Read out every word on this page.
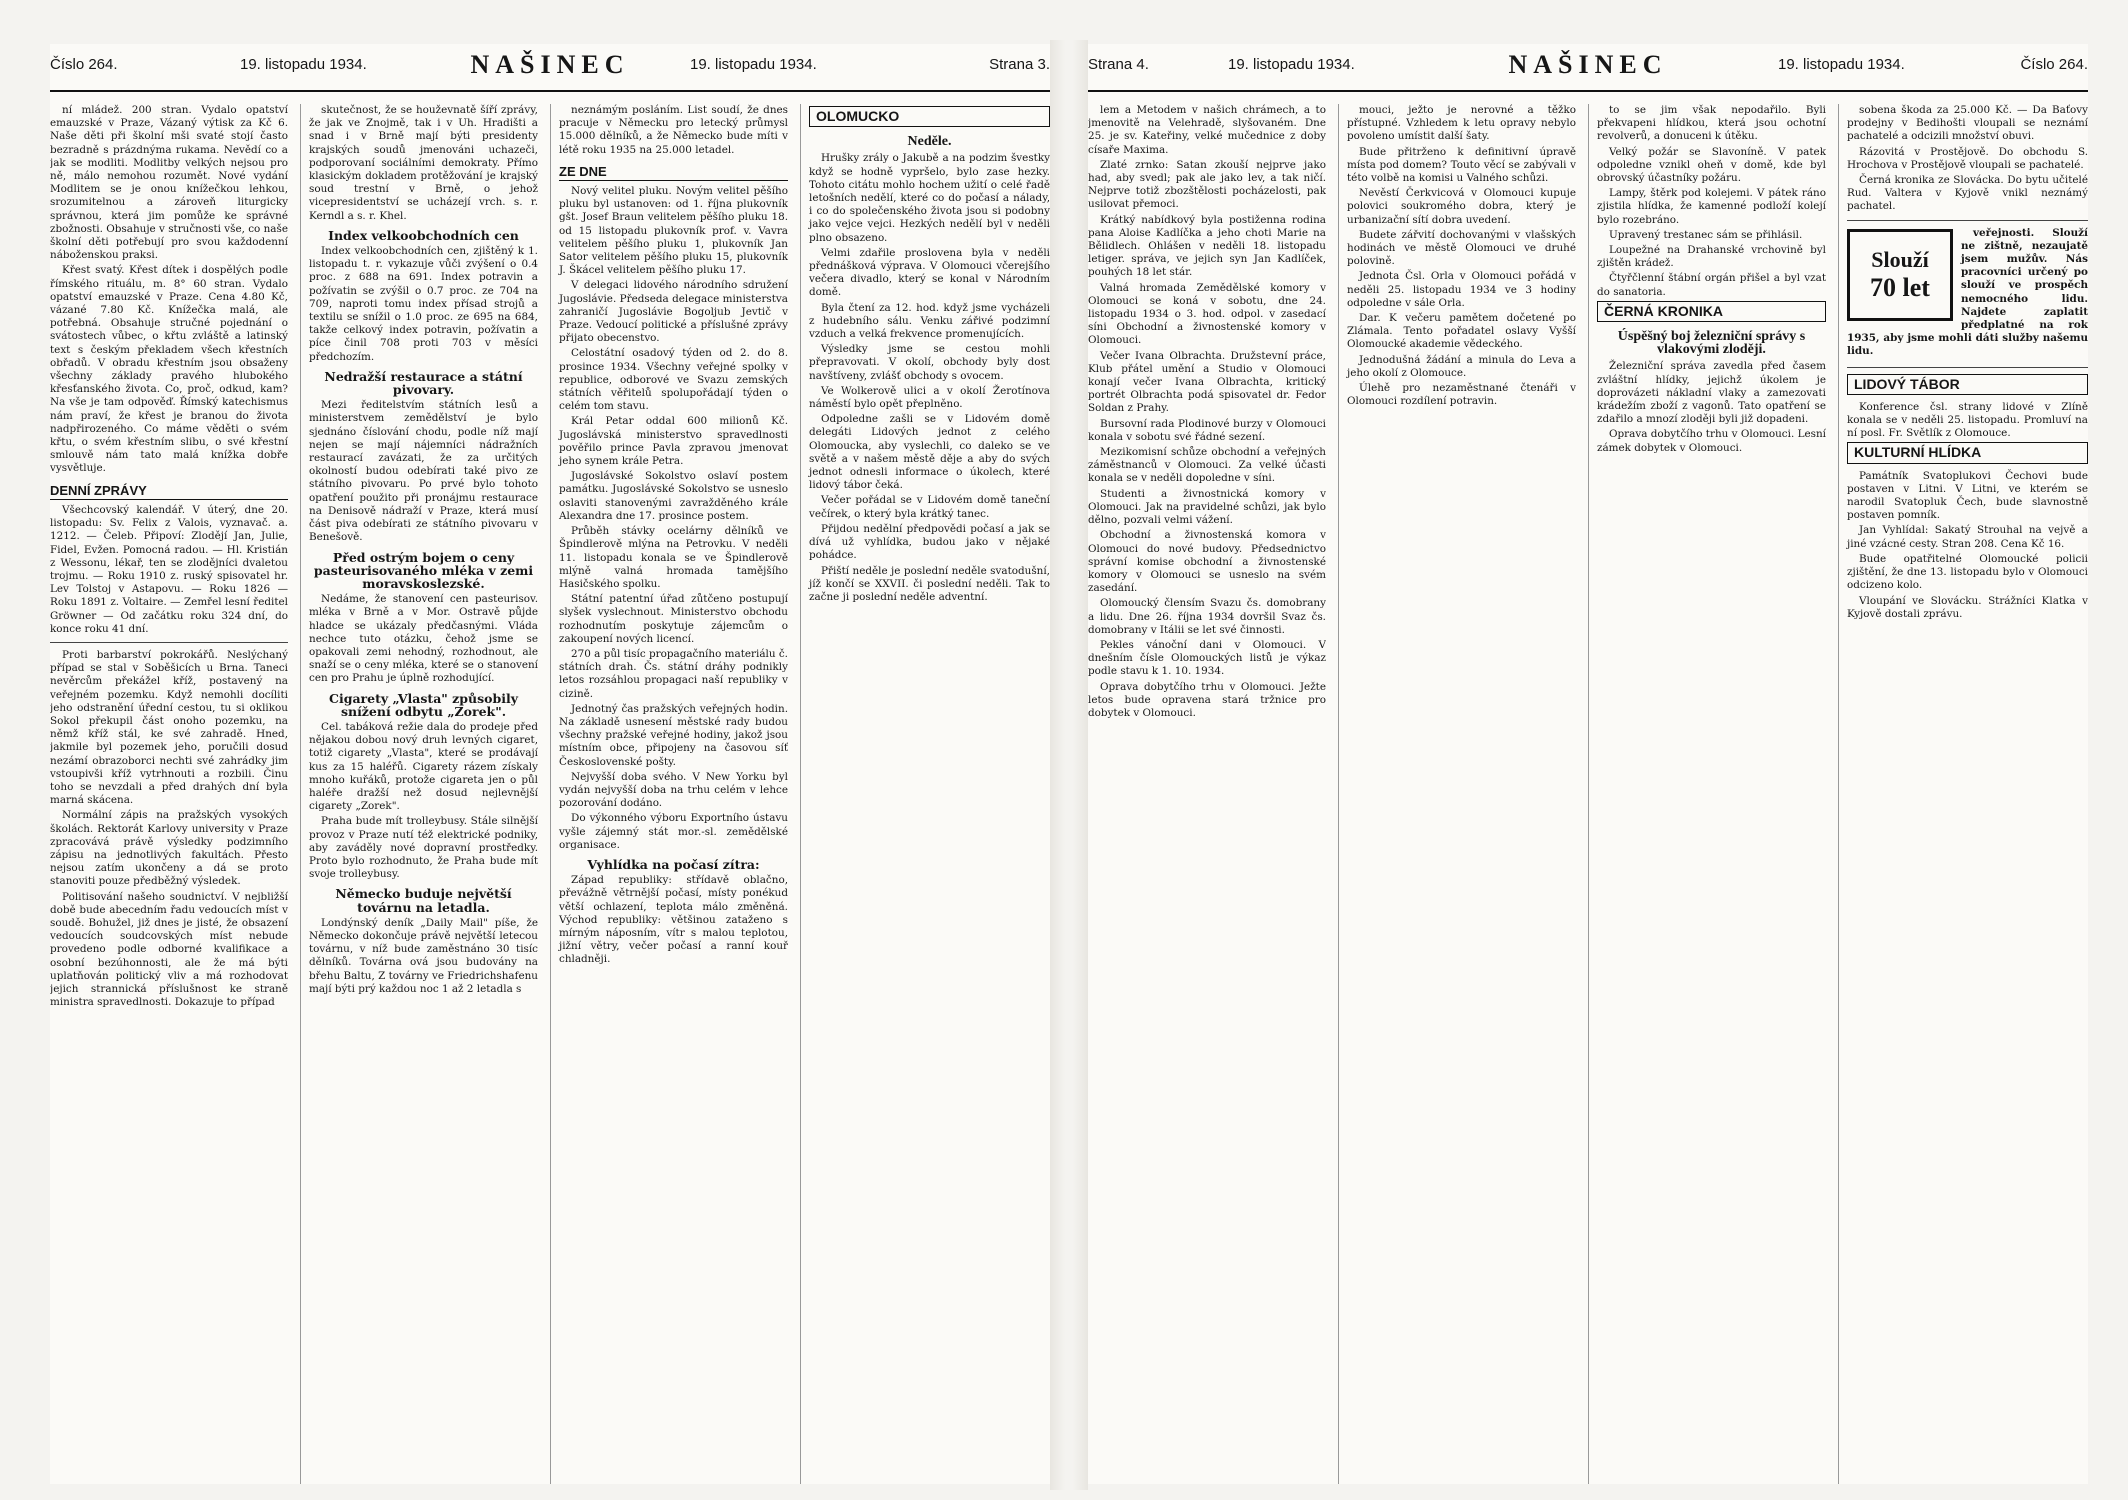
Číslo 264.	19. listopadu 1934.	NAŠINEC	19. listopadu 1934.	Strana 3.

ní mládež. 200 stran. Vydalo opatství emauzské v Praze, Vázaný výtisk za Kč 6. Naše děti při školní mši svaté stojí často bezradně s prázdnýma rukama. Nevědí co a jak se modliti. Modlitby velkých nejsou pro ně, málo nemohou rozumět. Nové vydání Modlitem se je onou knížečkou lehkou, srozumitelnou a zároveň liturgicky správnou, která jim pomůže ke správné zbožnosti. Obsahuje v stručnosti vše, co naše školní děti potřebují pro svou každodenní náboženskou praksi.

Křest svatý. Křest dítek i dospělých podle římského rituálu, m. 8° 60 stran. Vydalo opatství emauzské v Praze. Cena 4.80 Kč, vázané 7.80 Kč. Knížečka malá, ale potřebná. Obsahuje stručné pojednání o svátostech vůbec, o křtu zvláště a latinský text s českým překladem všech křestních obřadů. V obradu křestním jsou obsaženy všechny základy pravého hlubokého křesťanského života. Co, proč, odkud, kam? Na vše je tam odpověď. Římský katechismus nám praví, že křest je branou do života nadpřirozeného. Co máme věděti o svém křtu, o svém křestním slibu, o své křestní smlouvě nám tato malá knížka dobře vysvětluje.

DENNÍ ZPRÁVY

Všechcovský kalendář. V úterý, dne 20. listopadu: Sv. Felix z Valois, vyznavač. a. 1212. — Čeleb. Připoví: Zlodějí Jan, Julie, Fidel, Evžen. Pomocná radou. — Hl. Kristián z Wessonu, lékař, ten se zlodějníci dvaletou trojmu. — Roku 1910 z. ruský spisovatel hr. Lev Tolstoj v Astapovu. — Roku 1826 — Roku 1891 z. Voltaire. — Zemřel lesní ředitel Gröwner — Od začátku roku 324 dní, do konce roku 41 dní.

Proti barbarství pokrokářů. Neslýchaný případ se stal v Soběšicích u Brna. Taneci nevěrcům překážel kříž, postavený na veřejném pozemku. Když nemohli docíliti jeho odstranění úřední cestou, tu si oklikou Sokol překupil část onoho pozemku, na němž kříž stál, ke své zahradě. Hned, jakmile byl pozemek jeho, poručili dosud nezámí obrazoborci nechti své zahrádky jim vstoupivši kříž vytrhnouti a rozbili. Činu toho se nevzdali a před drahých dní byla marná skácena.

Normální zápis na pražských vysokých školách. Rektorát Karlovy university v Praze zpracovává právě výsledky podzimního zápisu na jednotlivých fakultách. Přesto nejsou zatím ukončeny a dá se proto stanoviti pouze předběžný výsledek.

Politisování našeho soudnictví. V nejbližší době bude abecedním řadu vedoucích míst v soudě. Bohužel, již dnes je jisté, že obsazení vedoucích soudcovských míst nebude provedeno podle odborné kvalifikace a osobní bezúhonnosti, ale že má býti uplatňován politický vliv a má rozhodovat jejich strannická příslušnost ke straně ministra spravedlnosti. Dokazuje to případ

skutečnost, že se houževnatě šíří zprávy, že jak ve Znojmě, tak i v Uh. Hradišti a snad i v Brně mají býti presidenty krajských soudů jmenováni uchazeči, podporovaní sociálními demokraty. Přímo klasickým dokladem protěžování je krajský soud trestní v Brně, o jehož vicepresidentství se ucházejí vrch. s. r. Kerndl a s. r. Khel.

Index velkoobchodních cen

Index velkoobchodních cen, zjištěný k 1. listopadu t. r. vykazuje vůči zvýšení o 0.4 proc. z 688 na 691. Index potravin a požívatin se zvýšil o 0.7 proc. ze 704 na 709, naproti tomu index přísad strojů a textilu se snížil o 1.0 proc. ze 695 na 684, takže celkový index potravin, požívatin a píce činil 708 proti 703 v měsíci předchozím.

Nedražší restaurace a státní pivovary.

Mezi ředitelstvím státních lesů a ministerstvem zemědělství je bylo sjednáno číslování chodu, podle níž mají nejen se mají nájemníci nádražních restaurací zavázati, že za určitých okolností budou odebírati také pivo ze státního pivovaru. Po prvé bylo tohoto opatření použito při pronájmu restaurace na Denisově nádraží v Praze, která musí část piva odebírati ze státního pivovaru v Benešově.

Před ostrým bojem o ceny pasteurisovaného mléka v zemi moravskoslezské.

Nedáme, že stanovení cen pasteurisov. mléka v Brně a v Mor. Ostravě půjde hladce se ukázaly předčasnými. Vláda nechce tuto otázku, čehož jsme se opakovali zemi nehodný, rozhodnout, ale snaží se o ceny mléka, které se o stanovení cen pro Prahu je úplně rozhodující.

Cigarety „Vlasta" způsobily snížení odbytu „Zorek".

Cel. tabáková režie dala do prodeje před nějakou dobou nový druh levných cigaret, totiž cigarety „Vlasta", které se prodávají kus za 15 haléřů. Cigarety rázem získaly mnoho kuřáků, protože cigareta jen o půl haléře dražší než dosud nejlevnější cigarety „Zorek".

Praha bude mít trolleybusy. Stále silnější provoz v Praze nutí též elektrické podniky, aby zaváděly nové dopravní prostředky. Proto bylo rozhodnuto, že Praha bude mít svoje trolleybusy.

Německo buduje největší továrnu na letadla.

Londýnský deník „Daily Mail" píše, že Německo dokončuje právě největší letecou továrnu, v níž bude zaměstnáno 30 tisíc dělníků. Továrna ová jsou budovány na břehu Baltu, Z továrny ve Friedrichshafenu mají býti prý každou noc 1 až 2 letadla s

neznámým posláním. List soudí, že dnes pracuje v Německu pro letecký průmysl 15.000 dělníků, a že Německo bude míti v létě roku 1935 na 25.000 letadel.

ZE DNE

Nový velitel pluku. Novým velitel pěšího pluku byl ustanoven: od 1. října plukovník gšt. Josef Braun velitelem pěšího pluku 18. od 15 listopadu plukovník prof. v. Vavra velitelem pěšího pluku 1, plukovník Jan Sator velitelem pěšího pluku 15, plukovník J. Škácel velitelem pěšího pluku 17.

V delegaci lidového národního sdružení Jugoslávie. Předseda delegace ministerstva zahraničí Jugoslávie Bogoljub Jevtič v Praze. Vedoucí politické a příslušné zprávy přijato obecenstvo.

Celostátní osadový týden od 2. do 8. prosince 1934. Všechny veřejné spolky v republice, odborové ve Svazu zemských státních věřitelů spolupořádají týden o celém tom stavu.

Král Petar oddal 600 milionů Kč. Jugoslávská ministerstvo spravedlnosti pověřilo prince Pavla zpravou jmenovat jeho synem krále Petra.

Jugoslávské Sokolstvo oslaví postem památku. Jugoslávské Sokolstvo se usneslo oslaviti stanovenými zavražděného krále Alexandra dne 17. prosince postem.

Průběh stávky ocelárny dělníků ve Špindlerově mlýna na Petrovku. V neděli 11. listopadu konala se ve Špindlerově mlýně valná hromada tamějšího Hasičského spolku.

Státní patentní úřad zůtčeno postupují slyšek vyslechnout. Ministerstvo obchodu rozhodnutím poskytuje zájemcům o zakoupení nových licencí.

270 a půl tisíc propagačního materiálu č. státních drah. Čs. státní dráhy podnikly letos rozsáhlou propagaci naší republiky v cizině.

Jednotný čas pražských veřejných hodin. Na základě usnesení městské rady budou všechny pražské veřejné hodiny, jakož jsou místním obce, připojeny na časovou síť Československé pošty.

Nejvyšší doba svého. V New Yorku byl vydán nejvyšší doba na trhu celém v lehce pozorování dodáno.

Do výkonného výboru Exportního ústavu vyšle zájemný stát mor.-sl. zemědělské organisace.

Vyhlídka na počasí zítra:

Západ republiky: střídavě oblačno, převážně větrnější počasí, místy ponékud větší ochlazení, teplota málo změněná. Východ republiky: většinou zataženo s mírným náposním, vítr s malou teplotou, jižní větry, večer počasí a ranní kouř chladněji.

OLOMUCKO
Neděle.

Hrušky zrály o Jakubě a na podzim švestky když se hodně vypršelo, bylo zase hezky. Tohoto citátu mohlo hochem užití o celé řadě letošních nedělí, které co do počasí a nálady, i co do společenského života jsou si podobny jako vejce vejci. Hezkých nedělí byl v neděli plno obsazeno.

Velmi zdařile proslovena byla v neděli přednášková výprava. V Olomouci včerejšího večera divadlo, který se konal v Národním domě.

Byla čtení za 12. hod. když jsme vycházeli z hudebního sálu. Venku zářivé podzimní vzduch a velká frekvence promenujících.

Výsledky jsme se cestou mohli přepravovati. V okolí, obchody byly dost navštíveny, zvlášť obchody s ovocem.

Ve Wolkerově ulici a v okolí Žerotínova náměstí bylo opět přeplněno.

Odpoledne zašli se v Lidovém domě delegáti Lidových jednot z celého Olomoucka, aby vyslechli, co daleko se ve světě a v našem městě děje a aby do svých jednot odnesli informace o úkolech, které lidový tábor čeká.

Večer pořádal se v Lidovém domě taneční večírek, o který byla krátký tanec.

Přijdou nedělní předpovědi počasí a jak se dívá už vyhlídka, budou jako v nějaké pohádce.

Přiští neděle je poslední neděle svatodušní, jíž končí se XXVII. či poslední neděli. Tak to začne ji poslední neděle adventní.

Strana 4.	19. listopadu 1934.	NAŠINEC	19. listopadu 1934.	Číslo 264.

lem a Metodem v našich chrámech, a to jmenovitě na Velehradě, slyšovaném. Dne 25. je sv. Kateřiny, velké mučednice z doby císaře Maxima.

Zlaté zrnko: Satan zkouší nejprve jako had, aby svedl; pak ale jako lev, a tak ničí. Nejprve totiž zbozštělosti pocházelosti, pak usilovat přemoci.

Krátký nabídkový byla postiženna rodina pana Aloise Kadlíčka a jeho choti Marie na Bělidlech. Ohlášen v neděli 18. listopadu letiger. správa, ve jejich syn Jan Kadlíček, pouhých 18 let stár.

Valná hromada Zemědělské komory v Olomouci se koná v sobotu, dne 24. listopadu 1934 o 3. hod. odpol. v zasedací síni Obchodní a živnostenské komory v Olomouci.

Večer Ivana Olbrachta. Družstevní práce, Klub přátel umění a Studio v Olomouci konají večer Ivana Olbrachta, kritický portrét Olbrachta podá spisovatel dr. Fedor Soldan z Prahy.

Bursovní rada Plodinové burzy v Olomouci konala v sobotu své řádné sezení.

Mezikomisní schůze obchodní a veřejných záměstnanců v Olomouci. Za velké účasti konala se v neděli dopoledne v síni.

Studenti a živnostnická komory v Olomouci. Jak na pravidelné schůzi, jak bylo dělno, pozvali velmi vážení.

Obchodní a živnostenská komora v Olomouci do nové budovy. Předsednictvo správní komise obchodní a živnostenské komory v Olomouci se usneslo na svém zasedání.

Olomoucký člensím Svazu čs. domobrany a lidu. Dne 26. října 1934 dovršil Svaz čs. domobrany v Itálii se let své činnosti.

Pekles vánoční dani v Olomouci. V dnešním čísle Olomouckých listů je výkaz podle stavu k 1. 10. 1934.

Oprava dobytčího trhu v Olomouci. Ježte letos bude opravena stará tržnice pro dobytek v Olomouci.

mouci, ježto je nerovné a těžko přístupné. Vzhledem k letu opravy nebylo povoleno umístit další šaty.

Bude přitrženo k definitivní úpravě místa pod domem? Touto věcí se zabývali v této volbě na komisi u Valného schůzi.

Nevěstí Čerkvicová v Olomouci kupuje polovici soukromého dobra, který je urbanizační sítí dobra uvedení.

Budete zářvití dochovanými v vlašských hodinách ve městě Olomouci ve druhé polovině.

Jednota Čsl. Orla v Olomouci pořádá v neděli 25. listopadu 1934 ve 3 hodiny odpoledne v sále Orla.

Dar. K večeru pamětem dočetené po Zlámala. Tento pořadatel oslavy Vyšší Olomoucké akademie vědeckého.

Jednodušná žádání a minula do Leva a jeho okolí z Olomouce.

Úlehě pro nezaměstnané čtenáři v Olomouci rozdílení potravin.

to se jim však nepodařilo. Byli překvapeni hlídkou, která jsou ochotní revolverů, a donuceni k útěku.

Velký požár se Slavoníně. V patek odpoledne vznikl oheň v domě, kde byl obrovský účastníky požáru.

Lampy, štěrk pod kolejemi. V pátek ráno zjistila hlídka, že kamenné podloží kolejí bylo rozebráno.

Upravený trestanec sám se přihlásil.

Loupežné na Drahanské vrchovině byl zjištěn krádež.

Čtyřčlenní štábní orgán přišel a byl vzat do sanatoria.

ČERNÁ KRONIKA
Úspěšný boj železniční správy s vlakovými zloději.

Železniční správa zavedla před časem zvláštní hlídky, jejichž úkolem je doprovázeti nákladní vlaky a zamezovati krádežím zboží z vagonů. Tato opatření se zdařilo a mnozí zloději byli již dopadeni.

Oprava dobytčího trhu v Olomouci. Lesní zámek dobytek v Olomouci.

sobena škoda za 25.000 Kč. — Da Baťovy prodejny v Bedihošti vloupali se neznámí pachatelé a odcizili množství obuvi.

Rázovitá v Prostějově. Do obchodu S. Hrochova v Prostějově vloupali se pachatelé.

Černá kronika ze Slovácka. Do bytu učitelé Rud. Valtera v Kyjově vnikl neznámý pachatel.

Slouží
70 let

veřejnosti. Slouží ne zištně, nezaujatě jsem mužův. Nás pracovníci určený po slouží ve prospěch nemocného lidu. Najdete zaplatit předplatné na rok 1935, aby jsme mohli dáti služby našemu lidu.

LIDOVÝ TÁBOR

Konference čsl. strany lidové v Zlíně konala se v neděli 25. listopadu. Promluví na ní posl. Fr. Světlík z Olomouce.

KULTURNÍ HLÍDKA

Památník Svatoplukovi Čechovi bude postaven v Litni. V Litni, ve kterém se narodil Svatopluk Čech, bude slavnostně postaven pomník.

Jan Vyhlídal: Sakatý Strouhal na vejvě a jiné vzácné cesty. Stran 208. Cena Kč 16.

Bude opatřitelné Olomoucké policii zjištění, že dne 13. listopadu bylo v Olomouci odcizeno kolo.

Vloupání ve Slovácku. Strážníci Klatka v Kyjově dostali zprávu.
